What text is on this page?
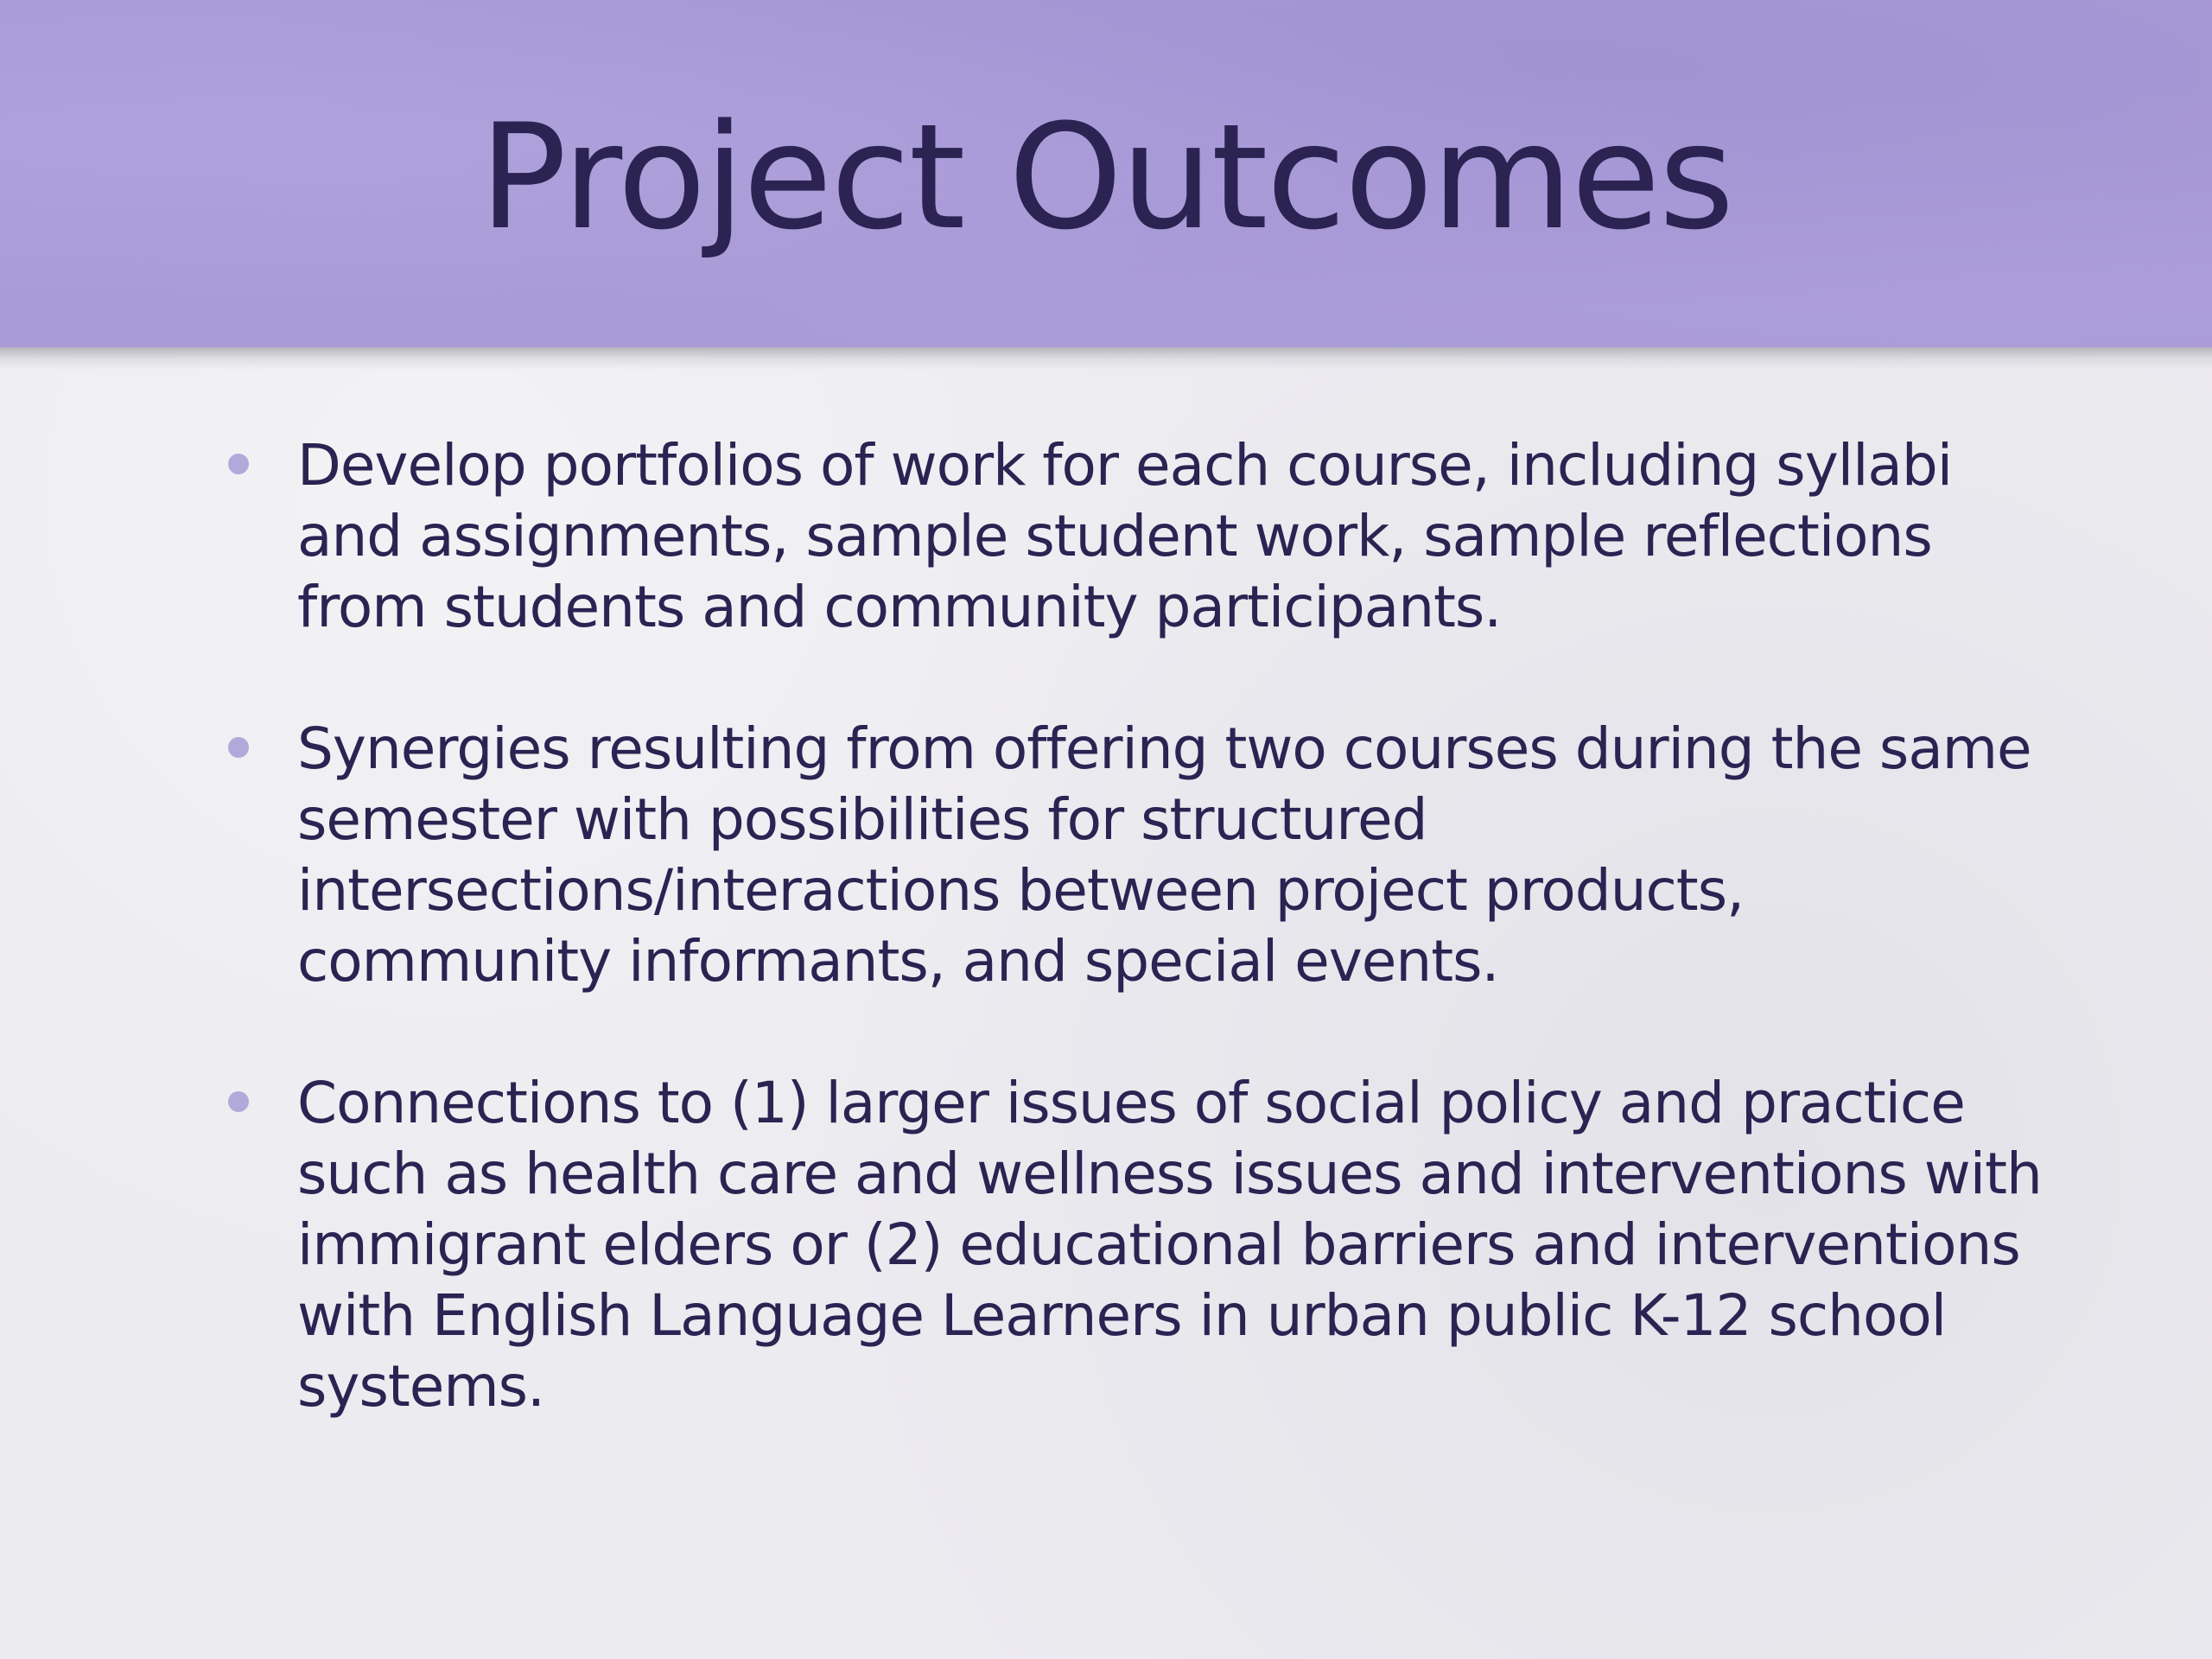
Project Outcomes
Develop portfolios of work for each course, including syllabi and assignments, sample student work, sample reflections from students and community participants.
Synergies resulting from offering two courses during the same semester with possibilities for structured intersections/interactions between project products, community informants, and special events.
Connections to (1) larger issues of social policy and practice such as health care and wellness issues and interventions with immigrant elders or (2) educational barriers and interventions with English Language Learners in urban public K-12 school systems.
